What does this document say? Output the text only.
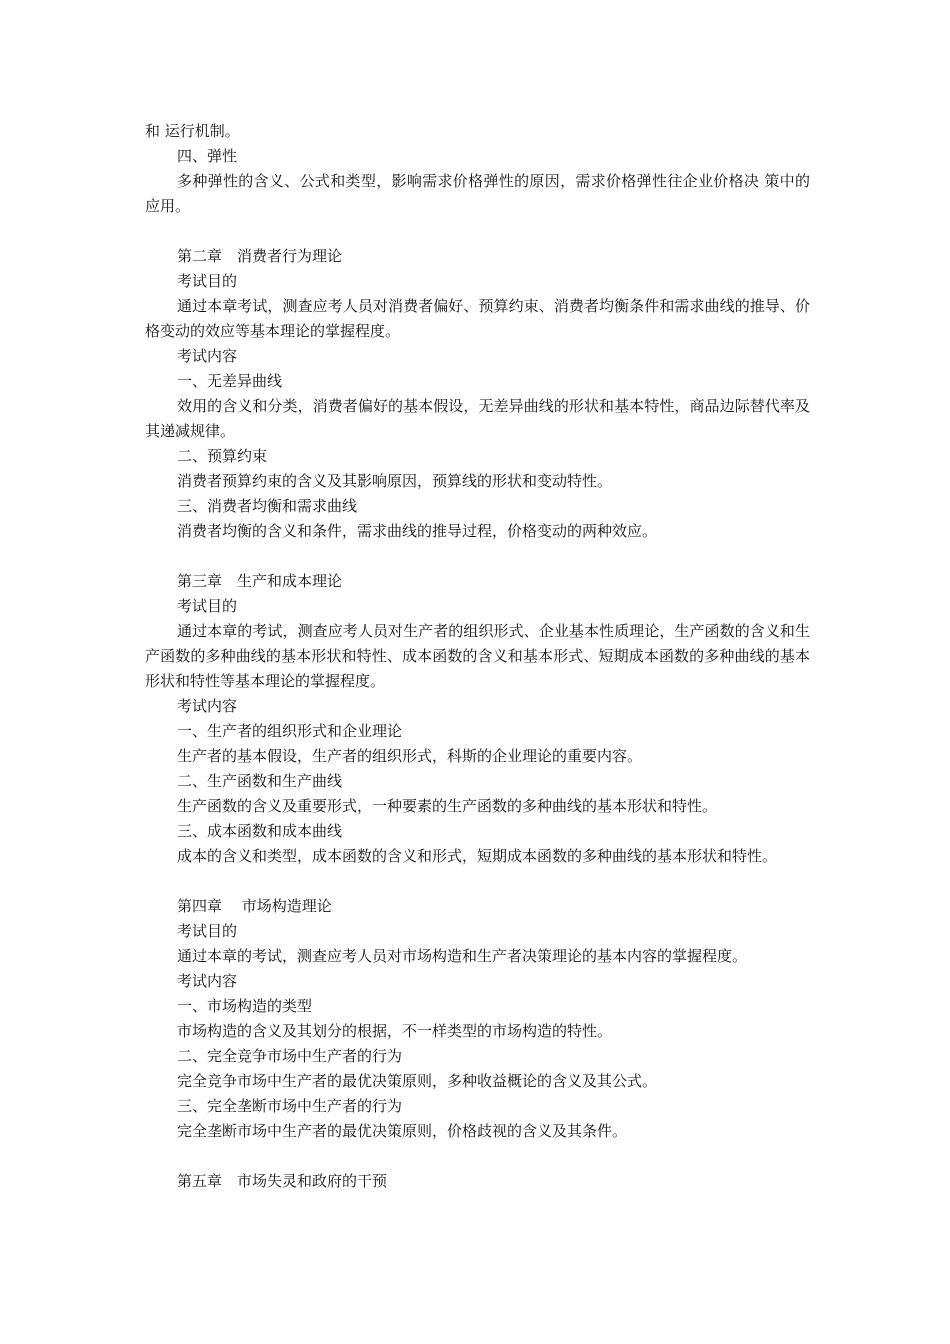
和 运行机制。
四、弹性
多种弹性的含义、公式和类型，影响需求价格弹性的原因，需求价格弹性往企业价格决 策中的应用。
第二章　消费者行为理论
考试目的
通过本章考试，测查应考人员对消费者偏好、预算约束、消费者均衡条件和需求曲线的推导、价格变动的效应等基本理论的掌握程度。
考试内容
一、无差异曲线
效用的含义和分类，消费者偏好的基本假设，无差异曲线的形状和基本特性，商品边际替代率及其递减规律。
二、预算约束
消费者预算约束的含义及其影响原因，预算线的形状和变动特性。
三、消费者均衡和需求曲线
消费者均衡的含义和条件，需求曲线的推导过程，价格变动的两种效应。
第三章　生产和成本理论
考试目的
通过本章的考试，测查应考人员对生产者的组织形式、企业基本性质理论，生产函数的含义和生产函数的多种曲线的基本形状和特性、成本函数的含义和基本形式、短期成本函数的多种曲线的基本形状和特性等基本理论的掌握程度。
考试内容
一、生产者的组织形式和企业理论
生产者的基本假设，生产者的组织形式，科斯的企业理论的重要内容。
二、生产函数和生产曲线
生产函数的含义及重要形式，一种要素的生产函数的多种曲线的基本形状和特性。
三、成本函数和成本曲线
成本的含义和类型，成本函数的含义和形式，短期成本函数的多种曲线的基本形状和特性。
第四章　 市场构造理论
考试目的
通过本章的考试，测查应考人员对市场构造和生产者决策理论的基本内容的掌握程度。
考试内容
一、市场构造的类型
市场构造的含义及其划分的根据，不一样类型的市场构造的特性。
二、完全竞争市场中生产者的行为
完全竞争市场中生产者的最优决策原则，多种收益概论的含义及其公式。
三、完全垄断市场中生产者的行为
完全垄断市场中生产者的最优决策原则，价格歧视的含义及其条件。
第五章　市场失灵和政府的干预
